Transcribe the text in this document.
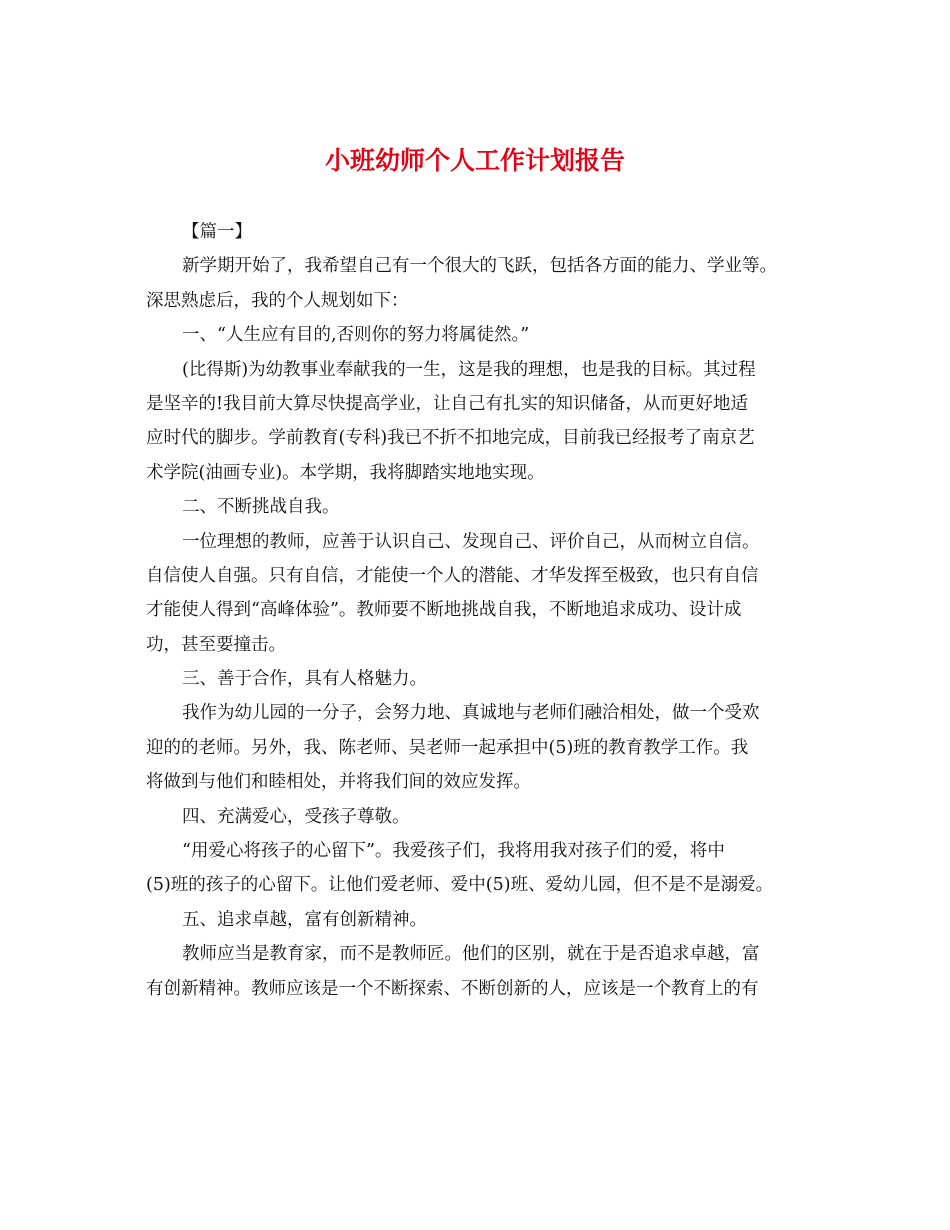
小班幼师个人工作计划报告
【篇一】
新学期开始了，我希望自己有一个很大的飞跃，包括各方面的能力、学业等。
深思熟虑后，我的个人规划如下：
一、“人生应有目的,否则你的努力将属徒然。”
(比得斯)为幼教事业奉献我的一生，这是我的理想，也是我的目标。其过程
是坚辛的!我目前大算尽快提高学业，让自己有扎实的知识储备，从而更好地适
应时代的脚步。学前教育(专科)我已不折不扣地完成，目前我已经报考了南京艺
术学院(油画专业)。本学期，我将脚踏实地地实现。
二、不断挑战自我。
一位理想的教师，应善于认识自己、发现自己、评价自己，从而树立自信。
自信使人自强。只有自信，才能使一个人的潜能、才华发挥至极致，也只有自信
才能使人得到“高峰体验”。教师要不断地挑战自我，不断地追求成功、设计成
功，甚至要撞击。
三、善于合作，具有人格魅力。
我作为幼儿园的一分子，会努力地、真诚地与老师们融洽相处，做一个受欢
迎的的老师。另外，我、陈老师、吴老师一起承担中(5)班的教育教学工作。我
将做到与他们和睦相处，并将我们间的效应发挥。
四、充满爱心，受孩子尊敬。
“用爱心将孩子的心留下”。我爱孩子们，我将用我对孩子们的爱，将中
(5)班的孩子的心留下。让他们爱老师、爱中(5)班、爱幼儿园，但不是不是溺爱。
五、追求卓越，富有创新精神。
教师应当是教育家，而不是教师匠。他们的区别，就在于是否追求卓越，富
有创新精神。教师应该是一个不断探索、不断创新的人，应该是一个教育上的有
